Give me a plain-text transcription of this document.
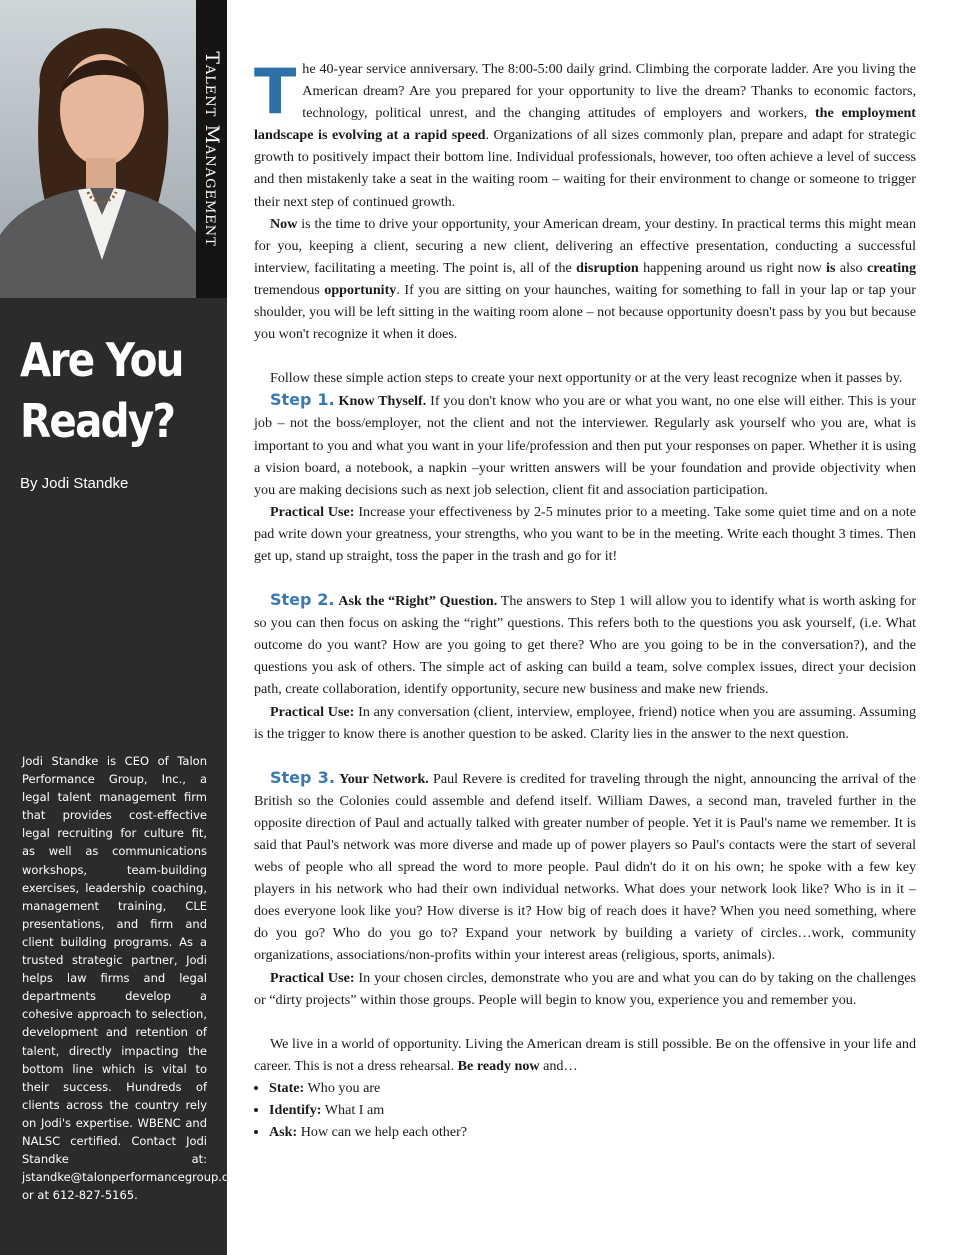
Talent Management
Are You
Ready?
By Jodi Standke

Jodi Standke is CEO of Talon Performance Group, Inc., a legal talent management firm that provides cost-effective legal recruiting for culture fit, as well as communications workshops, team-building exercises, leadership coaching, management training, CLE presentations, and firm and client building programs. As a trusted strategic partner, Jodi helps law firms and legal departments develop a cohesive approach to selection, development and retention of talent, directly impacting the bottom line which is vital to their success. Hundreds of clients across the country rely on Jodi's expertise. WBENC and NALSC certified. Contact Jodi Standke at: jstandke@talonperformancegroup.com or at 612-827-5165.

The 40-year service anniversary. The 8:00-5:00 daily grind. Climbing the corporate ladder. Are you living the American dream? Are you prepared for your opportunity to live the dream? Thanks to economic factors, technology, political unrest, and the changing attitudes of employers and workers, the employment landscape is evolving at a rapid speed. Organizations of all sizes commonly plan, prepare and adapt for strategic growth to positively impact their bottom line. Individual professionals, however, too often achieve a level of success and then mistakenly take a seat in the waiting room – waiting for their environment to change or someone to trigger their next step of continued growth.

Now is the time to drive your opportunity, your American dream, your destiny. In practical terms this might mean for you, keeping a client, securing a new client, delivering an effective presentation, conducting a successful interview, facilitating a meeting. The point is, all of the disruption happening around us right now is also creating tremendous opportunity. If you are sitting on your haunches, waiting for something to fall in your lap or tap your shoulder, you will be left sitting in the waiting room alone – not because opportunity doesn't pass by you but because you won't recognize it when it does.

Follow these simple action steps to create your next opportunity or at the very least recognize when it passes by.

Step 1. Know Thyself. If you don't know who you are or what you want, no one else will either. This is your job – not the boss/employer, not the client and not the interviewer. Regularly ask yourself who you are, what is important to you and what you want in your life/profession and then put your responses on paper. Whether it is using a vision board, a notebook, a napkin –your written answers will be your foundation and provide objectivity when you are making decisions such as next job selection, client fit and association participation.

Practical Use: Increase your effectiveness by 2-5 minutes prior to a meeting. Take some quiet time and on a note pad write down your greatness, your strengths, who you want to be in the meeting. Write each thought 3 times. Then get up, stand up straight, toss the paper in the trash and go for it!

Step 2. Ask the “Right” Question. The answers to Step 1 will allow you to identify what is worth asking for so you can then focus on asking the “right” questions. This refers both to the questions you ask yourself, (i.e. What outcome do you want? How are you going to get there? Who are you going to be in the conversation?), and the questions you ask of others. The simple act of asking can build a team, solve complex issues, direct your decision path, create collaboration, identify opportunity, secure new business and make new friends.

Practical Use: In any conversation (client, interview, employee, friend) notice when you are assuming. Assuming is the trigger to know there is another question to be asked. Clarity lies in the answer to the next question.

Step 3. Your Network. Paul Revere is credited for traveling through the night, announcing the arrival of the British so the Colonies could assemble and defend itself. William Dawes, a second man, traveled further in the opposite direction of Paul and actually talked with greater number of people. Yet it is Paul's name we remember. It is said that Paul's network was more diverse and made up of power players so Paul's contacts were the start of several webs of people who all spread the word to more people. Paul didn't do it on his own; he spoke with a few key players in his network who had their own individual networks. What does your network look like? Who is in it – does everyone look like you? How diverse is it? How big of reach does it have? When you need something, where do you go? Who do you go to? Expand your network by building a variety of circles…work, community organizations, associations/non-profits within your interest areas (religious, sports, animals).

Practical Use: In your chosen circles, demonstrate who you are and what you can do by taking on the challenges or “dirty projects” within those groups. People will begin to know you, experience you and remember you.

We live in a world of opportunity. Living the American dream is still possible. Be on the offensive in your life and career. This is not a dress rehearsal. Be ready now and…

• State: Who you are
• Identify: What I am
• Ask: How can we help each other?
